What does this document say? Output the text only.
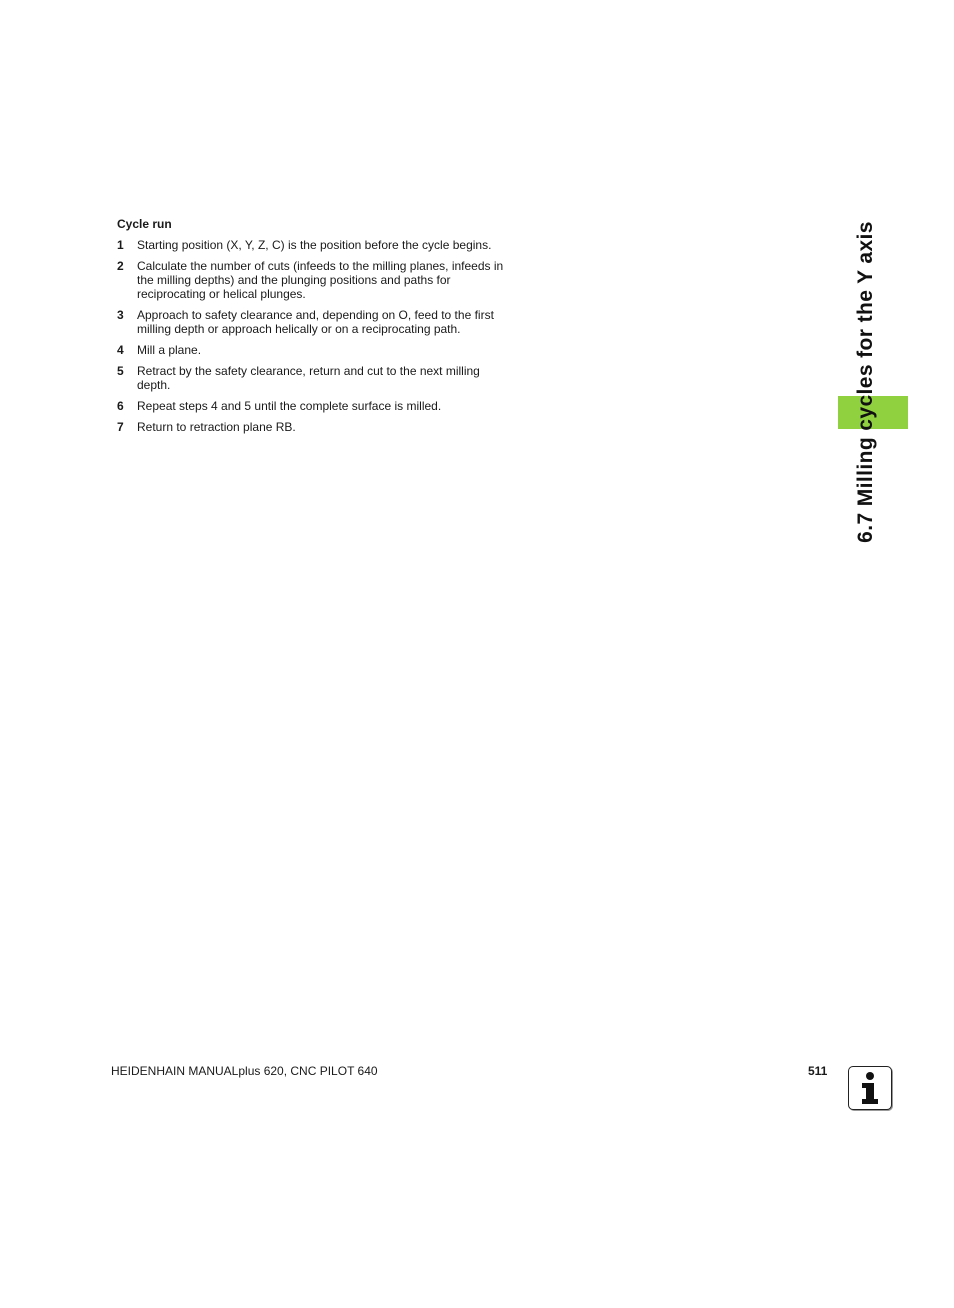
Cycle run
1	Starting position (X, Y, Z, C) is the position before the cycle begins.
2	Calculate the number of cuts (infeeds to the milling planes, infeeds in the milling depths) and the plunging positions and paths for reciprocating or helical plunges.
3	Approach to safety clearance and, depending on O, feed to the first milling depth or approach helically or on a reciprocating path.
4	Mill a plane.
5	Retract by the safety clearance, return and cut to the next milling depth.
6	Repeat steps 4 and 5 until the complete surface is milled.
7	Return to retraction plane RB.	6.7 Milling cycles for the Y axis
HEIDENHAIN MANUALplus 620, CNC PILOT 640	511
